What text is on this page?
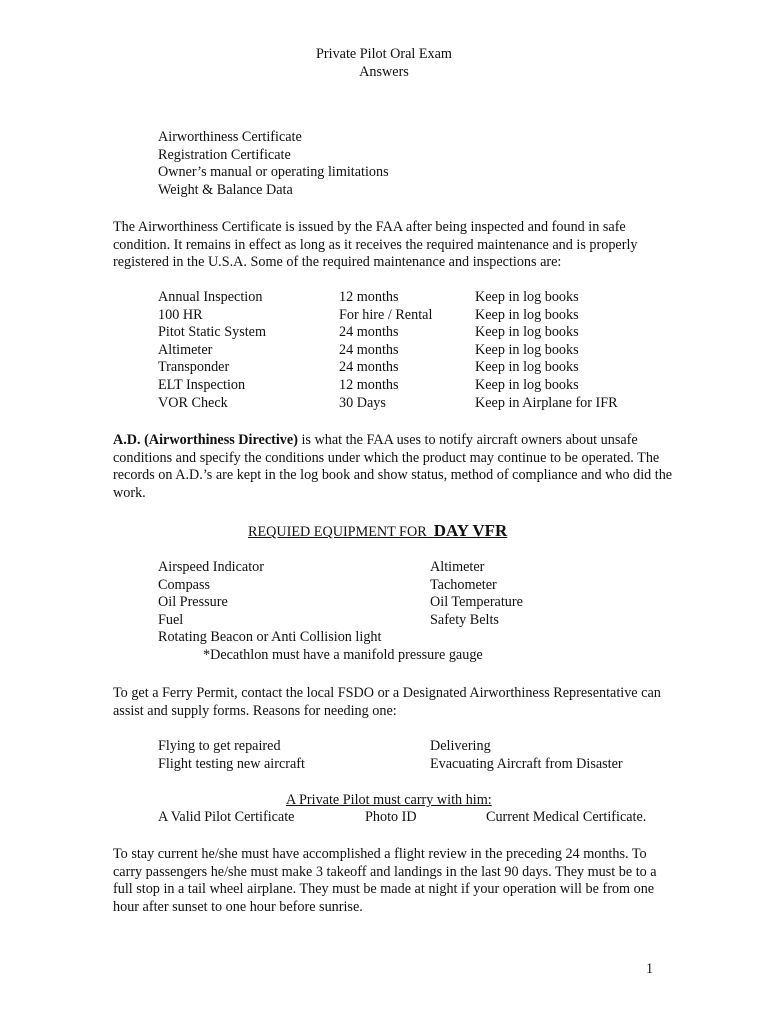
Private Pilot Oral Exam
Answers
Airworthiness Certificate
Registration Certificate
Owner’s manual or operating limitations
Weight & Balance Data

The Airworthiness Certificate is issued by the FAA after being inspected and found in safe condition. It remains in effect as long as it receives the required maintenance and is properly registered in the U.S.A. Some of the required maintenance and inspections are:

Annual Inspection	12 months	Keep in log books
100 HR	For hire / Rental	Keep in log books
Pitot Static System	24 months	Keep in log books
Altimeter	24 months	Keep in log books
Transponder	24 months	Keep in log books
ELT Inspection	12 months	Keep in log books
VOR Check	30 Days	Keep in Airplane for IFR

A.D. (Airworthiness Directive) is what the FAA uses to notify aircraft owners about unsafe conditions and specify the conditions under which the product may continue to be operated. The records on A.D.’s are kept in the log book and show status, method of compliance and who did the work.

REQUIED EQUIPMENT FOR DAY VFR
Airspeed Indicator	Altimeter
Compass	Tachometer
Oil Pressure	Oil Temperature
Fuel	Safety Belts
Rotating Beacon or Anti Collision light
*Decathlon must have a manifold pressure gauge

To get a Ferry Permit, contact the local FSDO or a Designated Airworthiness Representative can assist and supply forms. Reasons for needing one:

Flying to get repaired	Delivering
Flight testing new aircraft	Evacuating Aircraft from Disaster
A Private Pilot must carry with him:
A Valid Pilot Certificate	Photo ID	Current Medical Certificate.

To stay current he/she must have accomplished a flight review in the preceding 24 months. To carry passengers he/she must make 3 takeoff and landings in the last 90 days. They must be to a full stop in a tail wheel airplane. They must be made at night if your operation will be from one hour after sunset to one hour before sunrise.

1
